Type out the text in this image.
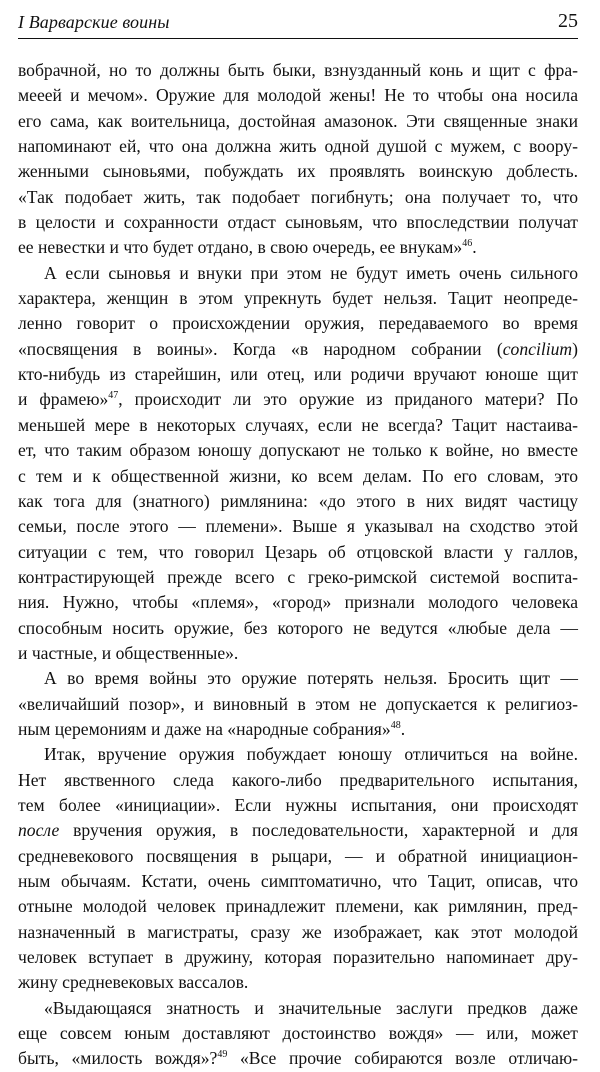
I Варварские воины	25
вобрачной, но то должны быть быки, взнузданный конь и щит с фра-
мееей и мечом». Оружие для молодой жены! Не то чтобы она носила
его сама, как воительница, достойная амазонок. Эти священные знаки
напоминают ей, что она должна жить одной душой с мужем, с воору-
женными сыновьями, побуждать их проявлять воинскую доблесть.
«Так подобает жить, так подобает погибнуть; она получает то, что
в целости и сохранности отдаст сыновьям, что впоследствии получат
ее невестки и что будет отдано, в свою очередь, ее внукам»$^{46}$.
А если сыновья и внуки при этом не будут иметь очень сильного
характера, женщин в этом упрекнуть будет нельзя. Тацит неопреде-
ленно говорит о происхождении оружия, передаваемого во время
«посвящения в воины». Когда «в народном собрании (concilium)
кто-нибудь из старейшин, или отец, или родичи вручают юноше щит
и фрамею»$^{47}$, происходит ли это оружие из приданого матери? По
меньшей мере в некоторых случаях, если не всегда? Тацит настаива-
ет, что таким образом юношу допускают не только к войне, но вместе
с тем и к общественной жизни, ко всем делам. По его словам, это
как тога для (знатного) римлянина: «до этого в них видят частицу
семьи, после этого — племени». Выше я указывал на сходство этой
ситуации с тем, что говорил Цезарь об отцовской власти у галлов,
контрастирующей прежде всего с греко-римской системой воспита-
ния. Нужно, чтобы «племя», «город» признали молодого человека
способным носить оружие, без которого не ведутся «любые дела —
и частные, и общественные».
А во время войны это оружие потерять нельзя. Бросить щит —
«величайший позор», и виновный в этом не допускается к религиоз-
ным церемониям и даже на «народные собрания»$^{48}$.
Итак, вручение оружия побуждает юношу отличиться на войне.
Нет явственного следа какого-либо предварительного испытания,
тем более «инициации». Если нужны испытания, они происходят
после вручения оружия, в последовательности, характерной и для
средневекового посвящения в рыцари, — и обратной инициацион-
ным обычаям. Кстати, очень симптоматично, что Тацит, описав, что
отныне молодой человек принадлежит племени, как римлянин, пред-
назначенный в магистраты, сразу же изображает, как этот молодой
человек вступает в дружину, которая поразительно напоминает дру-
жину средневековых вассалов.
«Выдающаяся знатность и значительные заслуги предков даже
еще совсем юным доставляют достоинство вождя» — или, может
быть, «милость вождя»?$^{49}$ «Все прочие собираются возле отличаю-
